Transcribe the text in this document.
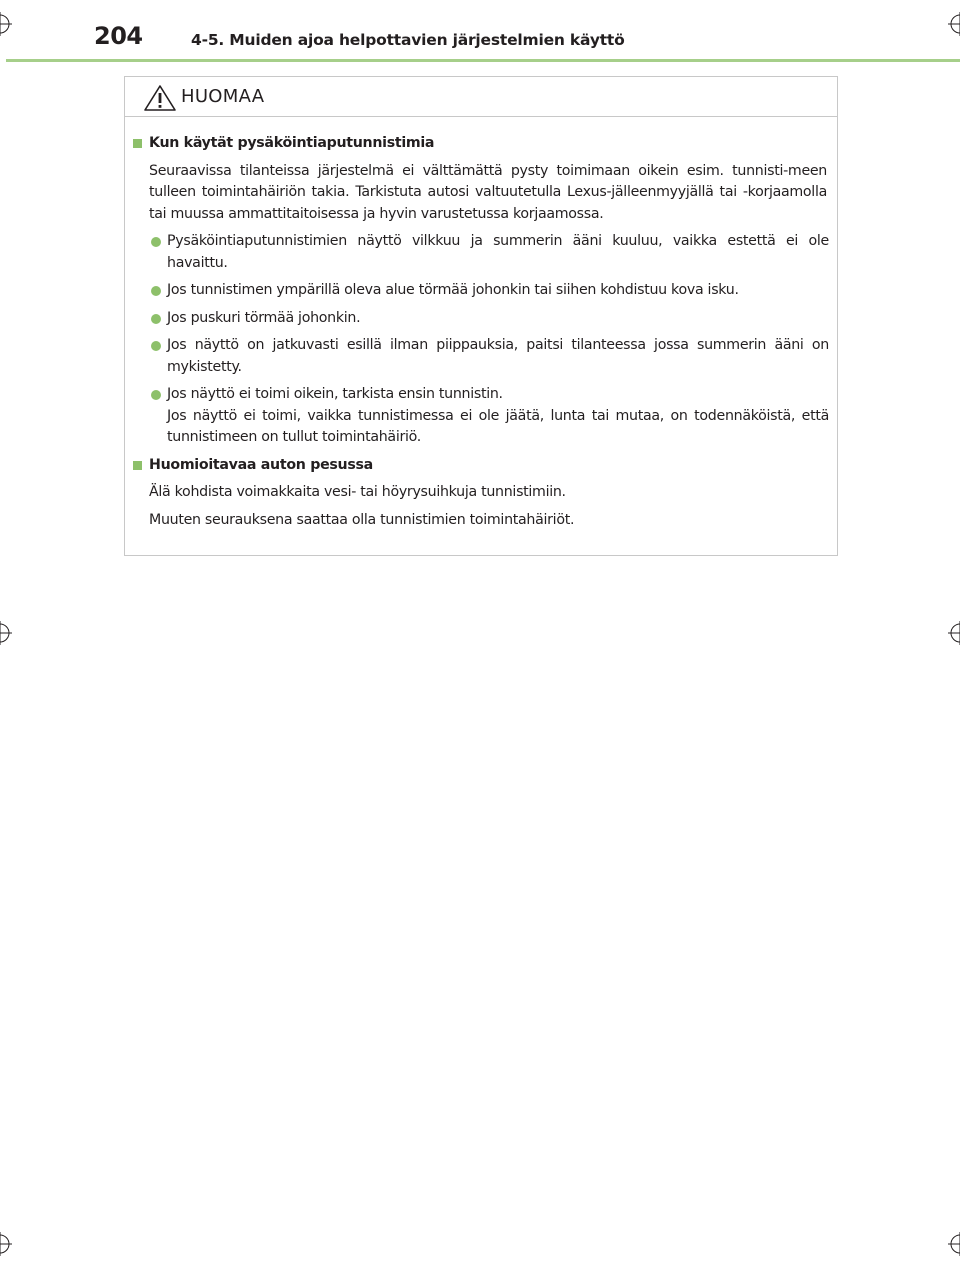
204	4-5. Muiden ajoa helpottavien järjestelmien käyttö
HUOMAA
Kun käytät pysäköintiaputunnistimia
Seuraavissa tilanteissa järjestelmä ei välttämättä pysty toimimaan oikein esim. tunnisti-meen tulleen toimintahäiriön takia. Tarkistuta autosi valtuutetulla Lexus-jälleenmyyjällä tai -korjaamolla tai muussa ammattitaitoisessa ja hyvin varustetussa korjaamossa.
Pysäköintiaputunnistimien näyttö vilkkuu ja summerin ääni kuuluu, vaikka estettä ei ole havaittu.
Jos tunnistimen ympärillä oleva alue törmää johonkin tai siihen kohdistuu kova isku.
Jos puskuri törmää johonkin.
Jos näyttö on jatkuvasti esillä ilman piippauksia, paitsi tilanteessa jossa summerin ääni on mykistetty.
Jos näyttö ei toimi oikein, tarkista ensin tunnistin.
Jos näyttö ei toimi, vaikka tunnistimessa ei ole jäätä, lunta tai mutaa, on todennäköistä, että tunnistimeen on tullut toimintahäiriö.
Huomioitavaa auton pesussa
Älä kohdista voimakkaita vesi- tai höyrysuihkuja tunnistimiin.
Muuten seurauksena saattaa olla tunnistimien toimintahäiriöt.
